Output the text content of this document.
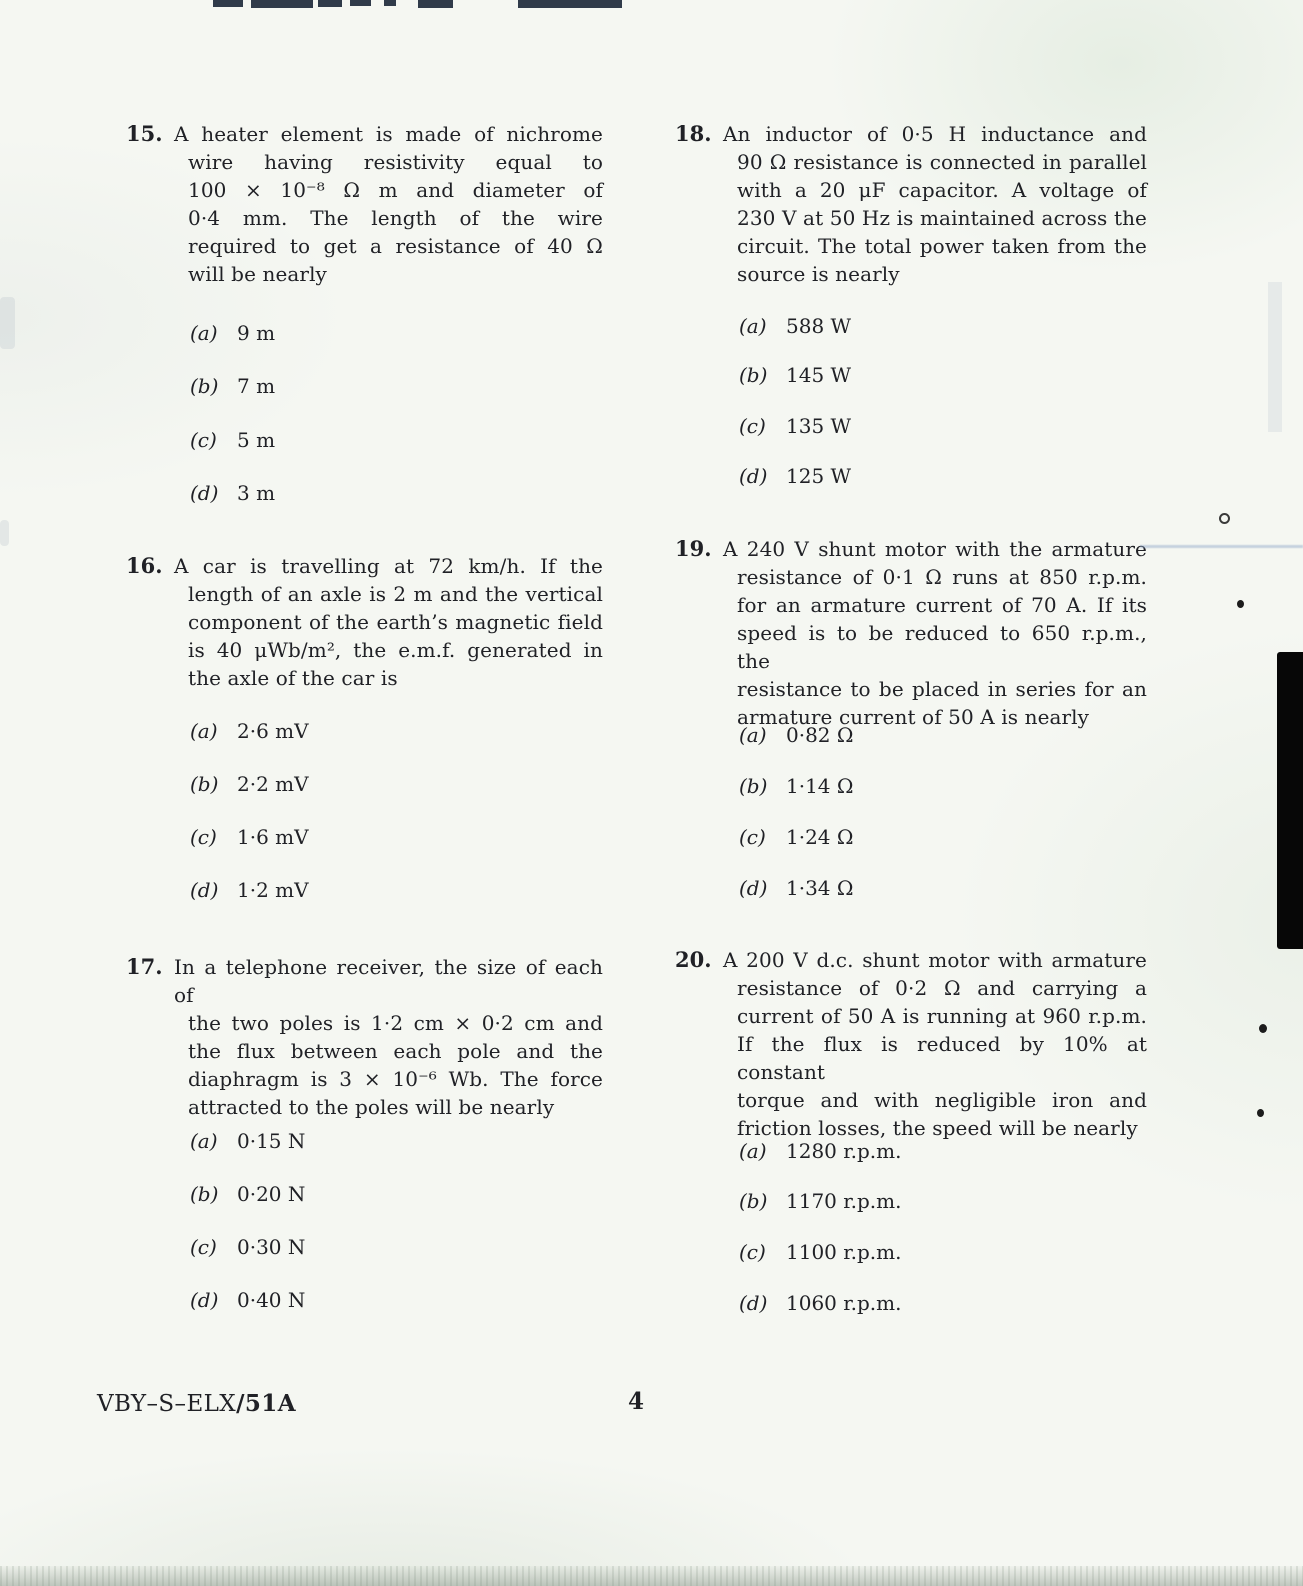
15. A heater element is made of nichrome
wire having resistivity equal to
100 × 10⁻⁸ Ω m and diameter of
0·4 mm. The length of the wire
required to get a resistance of 40 Ω
will be nearly
(a) 9 m
(b) 7 m
(c)	5 m
(d) 3 m
16. A car is travelling at 72 km/h. If the
length of an axle is 2 m and the vertical
component of the earth’s magnetic field
is 40 μWb/m², the e.m.f. generated in
the axle of the car is
(a) 2·6 mV
(b) 2·2 mV
(c)	1·6 mV
(d) 1·2 mV
17. In a telephone receiver, the size of each of
the two poles is 1·2 cm × 0·2 cm and
the flux between each pole and the
diaphragm is 3 × 10⁻⁶ Wb. The force
attracted to the poles will be nearly
(a) 0·15 N
(b) 0·20 N
(c)	0·30 N
(d) 0·40 N
18. An inductor of 0·5 H inductance and
90 Ω resistance is connected in parallel
with a 20 μF capacitor. A voltage of
230 V at 50 Hz is maintained across the
circuit. The total power taken from the
source is nearly
(a) 588 W
(b) 145 W
(c)	135 W
(d) 125 W
19. A 240 V shunt motor with the armature
resistance of 0·1 Ω runs at 850 r.p.m.
for an armature current of 70 A. If its
speed is to be reduced to 650 r.p.m., the
resistance to be placed in series for an
armature current of 50 A is nearly
(a) 0·82 Ω
(b) 1·14 Ω
(c)	1·24 Ω
(d) 1·34 Ω
20. A 200 V d.c. shunt motor with armature
resistance of 0·2 Ω and carrying a
current of 50 A is running at 960 r.p.m.
If the flux is reduced by 10% at constant
torque and with negligible iron and
friction losses, the speed will be nearly
(a) 1280 r.p.m.
(b) 1170 r.p.m.
(c)	1100 r.p.m.
(d) 1060 r.p.m.
VBY–S–ELX/51A	4
